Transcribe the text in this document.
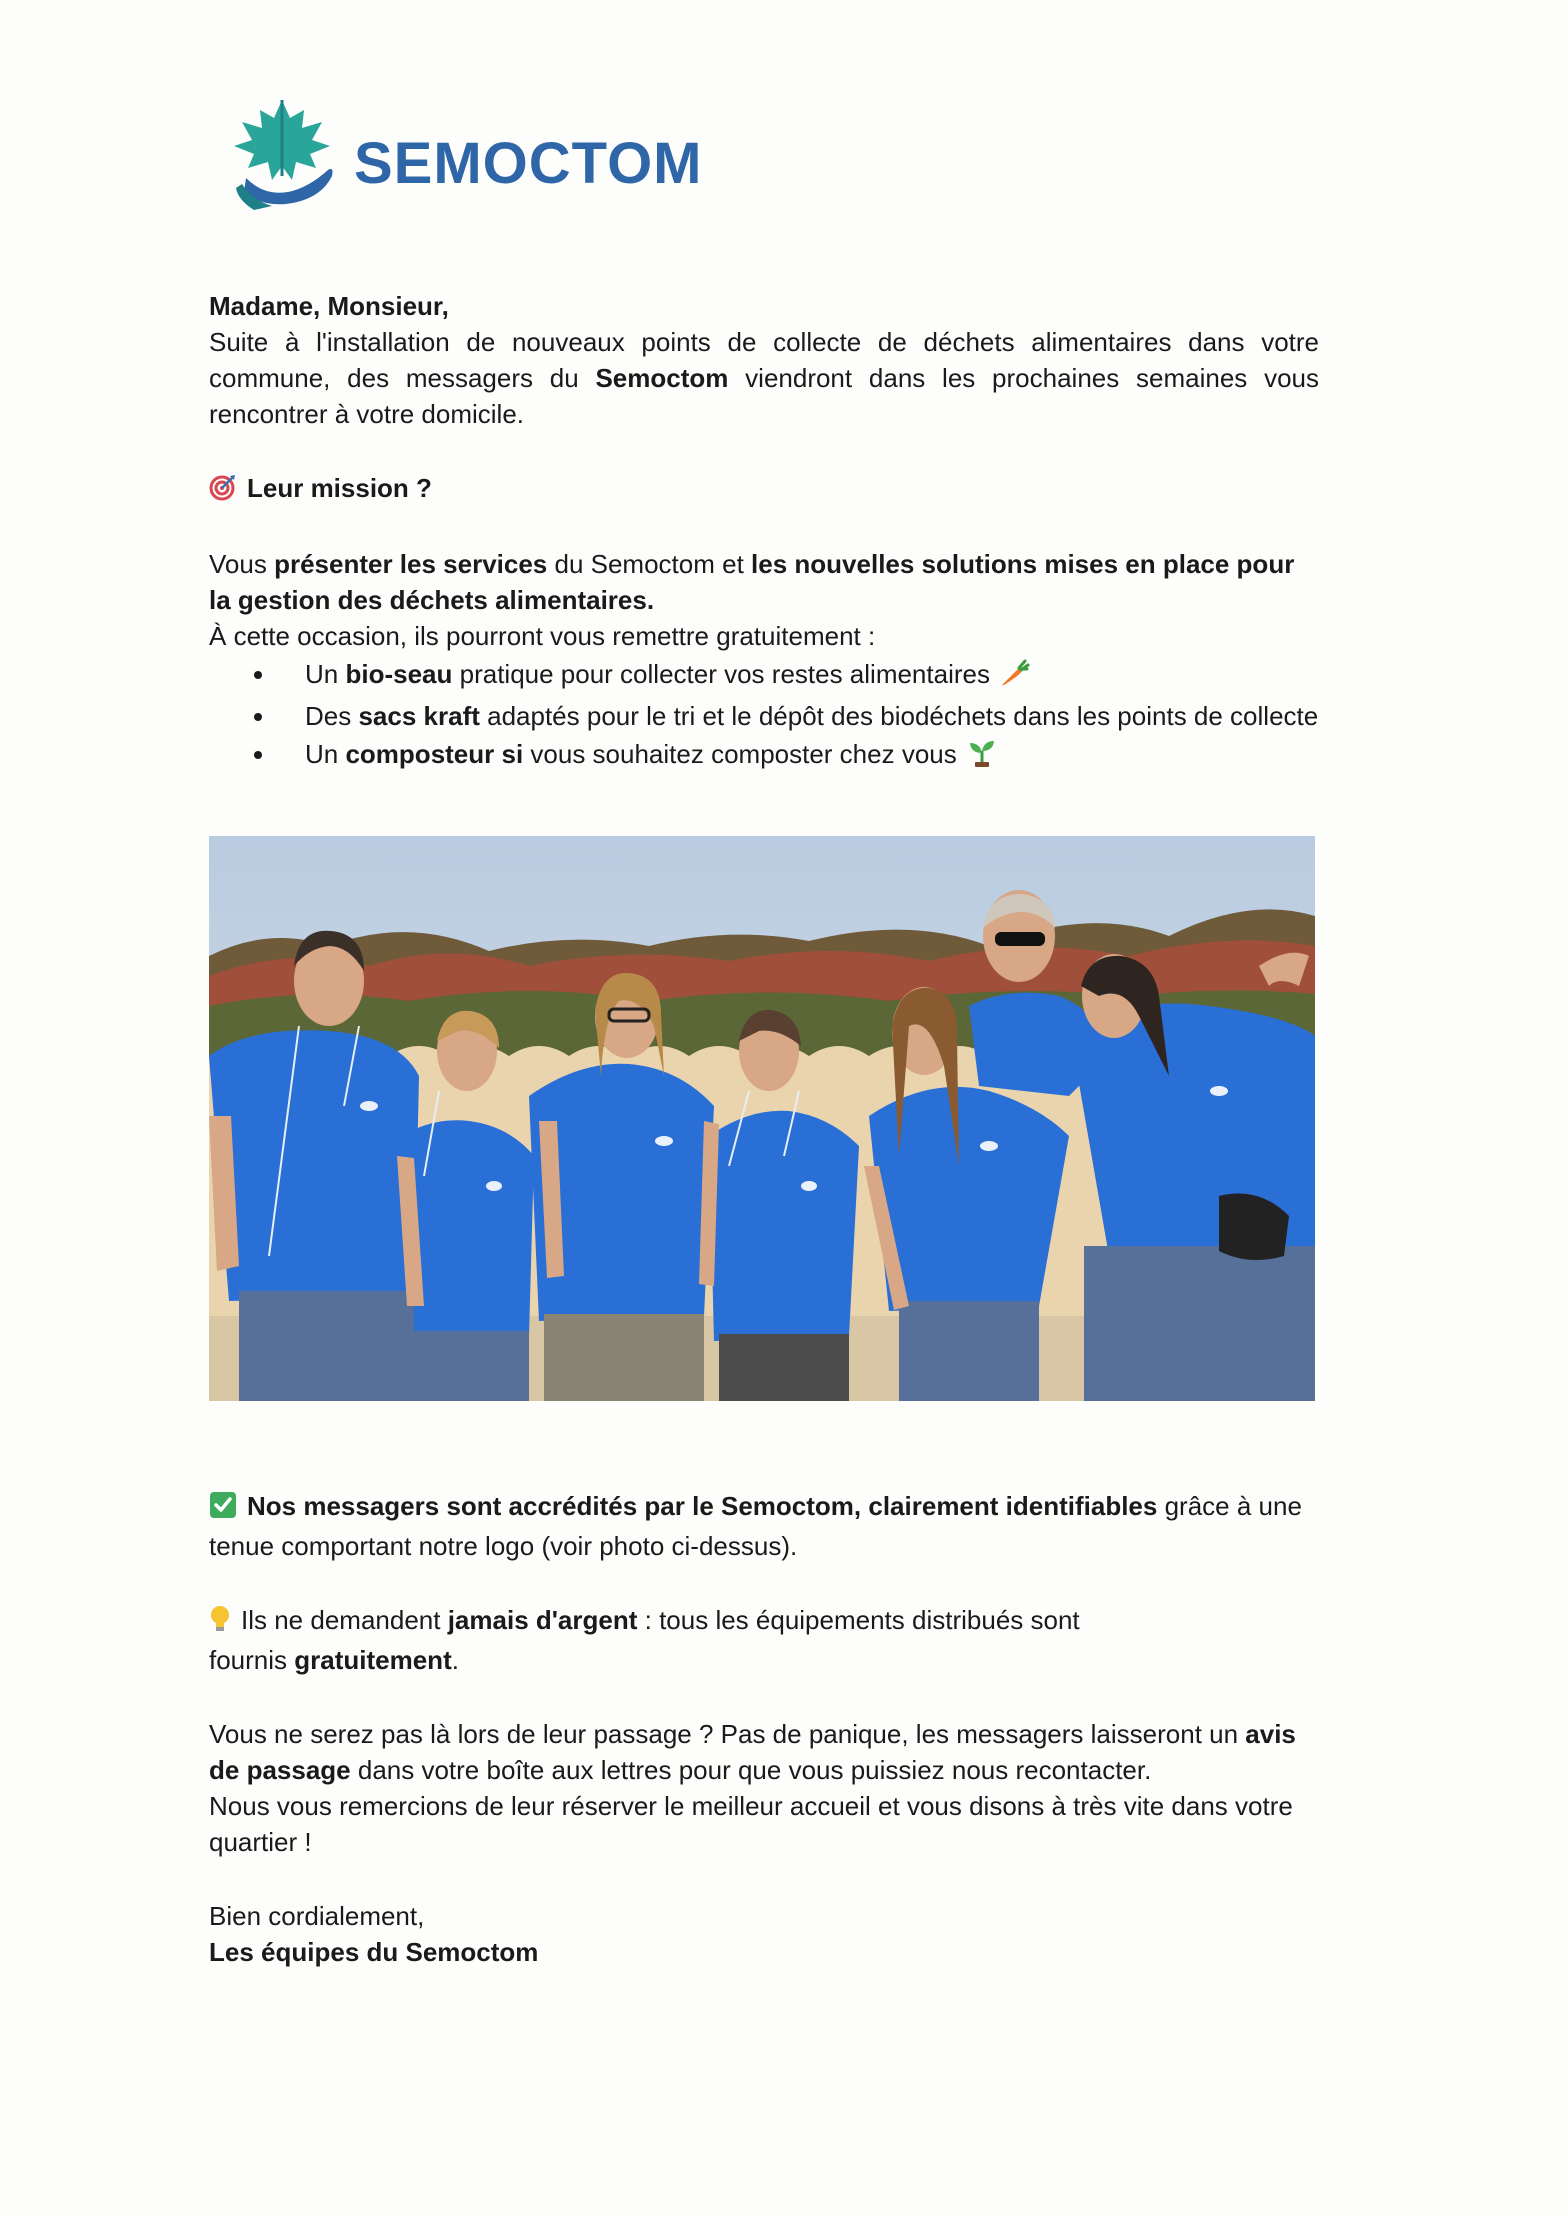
SEMOCTOM

Madame, Monsieur,

Suite à l'installation de nouveaux points de collecte de déchets alimentaires dans votre commune, des messagers du Semoctom viendront dans les prochaines semaines vous rencontrer à votre domicile.

Leur mission ?

Vous présenter les services du Semoctom et les nouvelles solutions mises en place pour la gestion des déchets alimentaires.

À cette occasion, ils pourront vous remettre gratuitement :

Un bio-seau pratique pour collecter vos restes alimentaires
Des sacs kraft adaptés pour le tri et le dépôt des biodéchets dans les points de collecte
Un composteur si vous souhaitez composter chez vous

Nos messagers sont accrédités par le Semoctom, clairement identifiables grâce à une tenue comportant notre logo (voir photo ci-dessus).

Ils ne demandent jamais d'argent : tous les équipements distribués sont fournis gratuitement.

Vous ne serez pas là lors de leur passage ? Pas de panique, les messagers laisseront un avis de passage dans votre boîte aux lettres pour que vous puissiez nous recontacter.

Nous vous remercions de leur réserver le meilleur accueil et vous disons à très vite dans votre quartier !

Bien cordialement,

Les équipes du Semoctom
